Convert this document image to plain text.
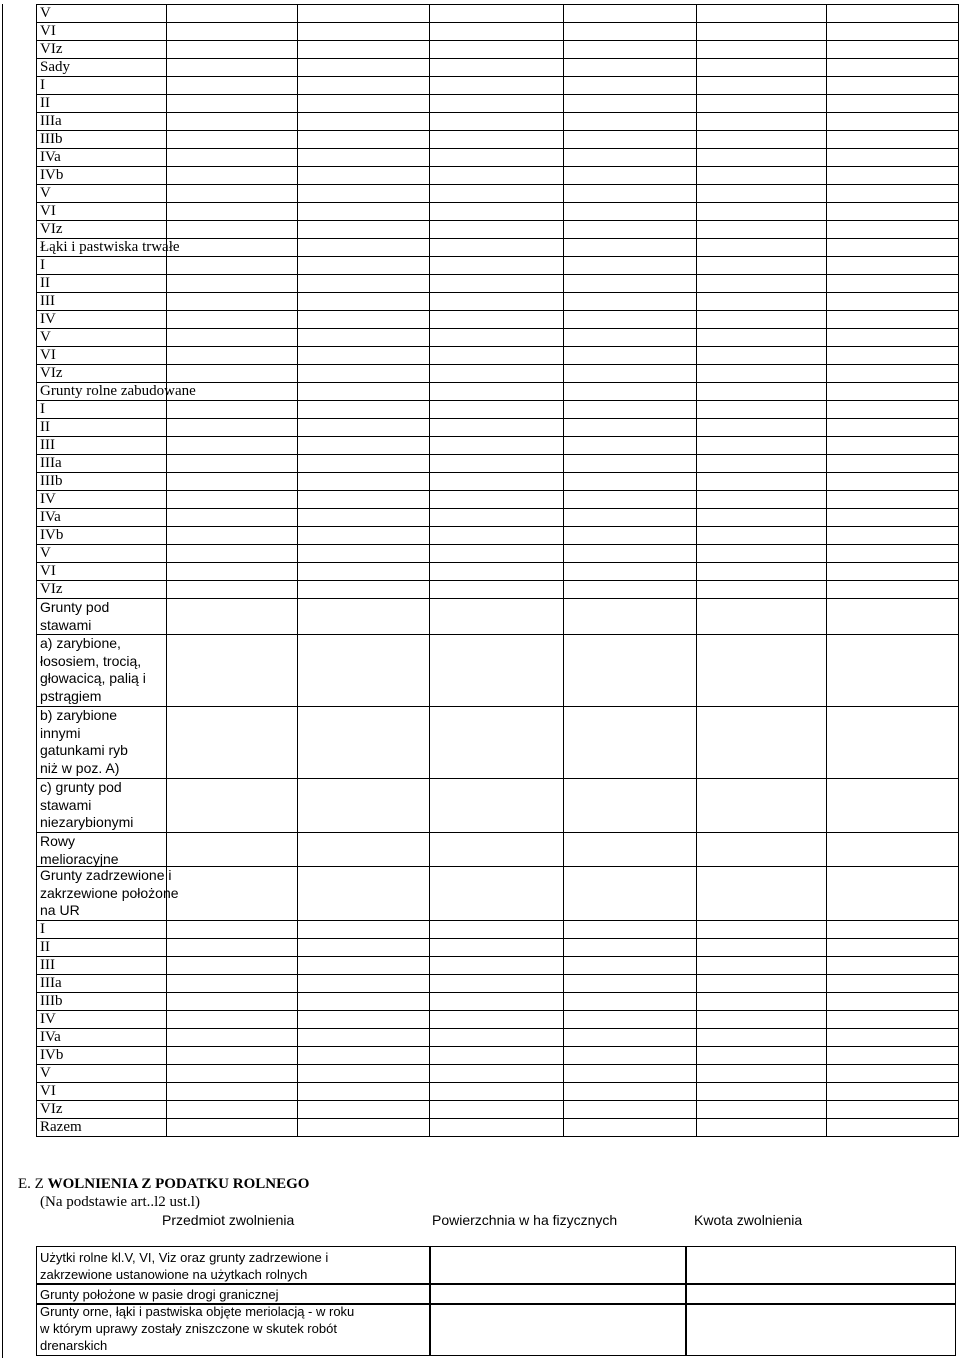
V
VI
VIz
Sady
I
II
IIIa
IIIb
IVa
IVb
V
VI
VIz
Łąki i pastwiska trwałe
I
II
III
IV
V
VI
VIz
Grunty rolne zabudowane
I
II
III
IIIa
IIIb
IV
IVa
IVb
V
VI
VIz
Grunty pod
stawami
a) zarybione,
łososiem, trocią,
głowacicą, palią i
pstrągiem
b) zarybione
innymi
gatunkami ryb
niż w poz. A)
c) grunty pod
stawami
niezarybionymi
Rowy
melioracyjne
Grunty zadrzewione i
zakrzewione położone
na UR
I
II
III
IIIa
IIIb
IV
IVa
IVb
V
VI
VIz
Razem
E. Z WOLNIENIA Z PODATKU ROLNEGO
(Na podstawie art..l2 ust.l)
Przedmiot zwolnienia	Powierzchnia w ha fizycznych	Kwota zwolnienia
Użytki rolne kl.V, VI, Viz oraz grunty zadrzewione i
zakrzewione ustanowione na użytkach rolnych
Grunty położone w pasie drogi granicznej
Grunty orne, łąki i pastwiska objęte meriolacją - w roku
w którym uprawy zostały zniszczone w skutek robót
drenarskich
